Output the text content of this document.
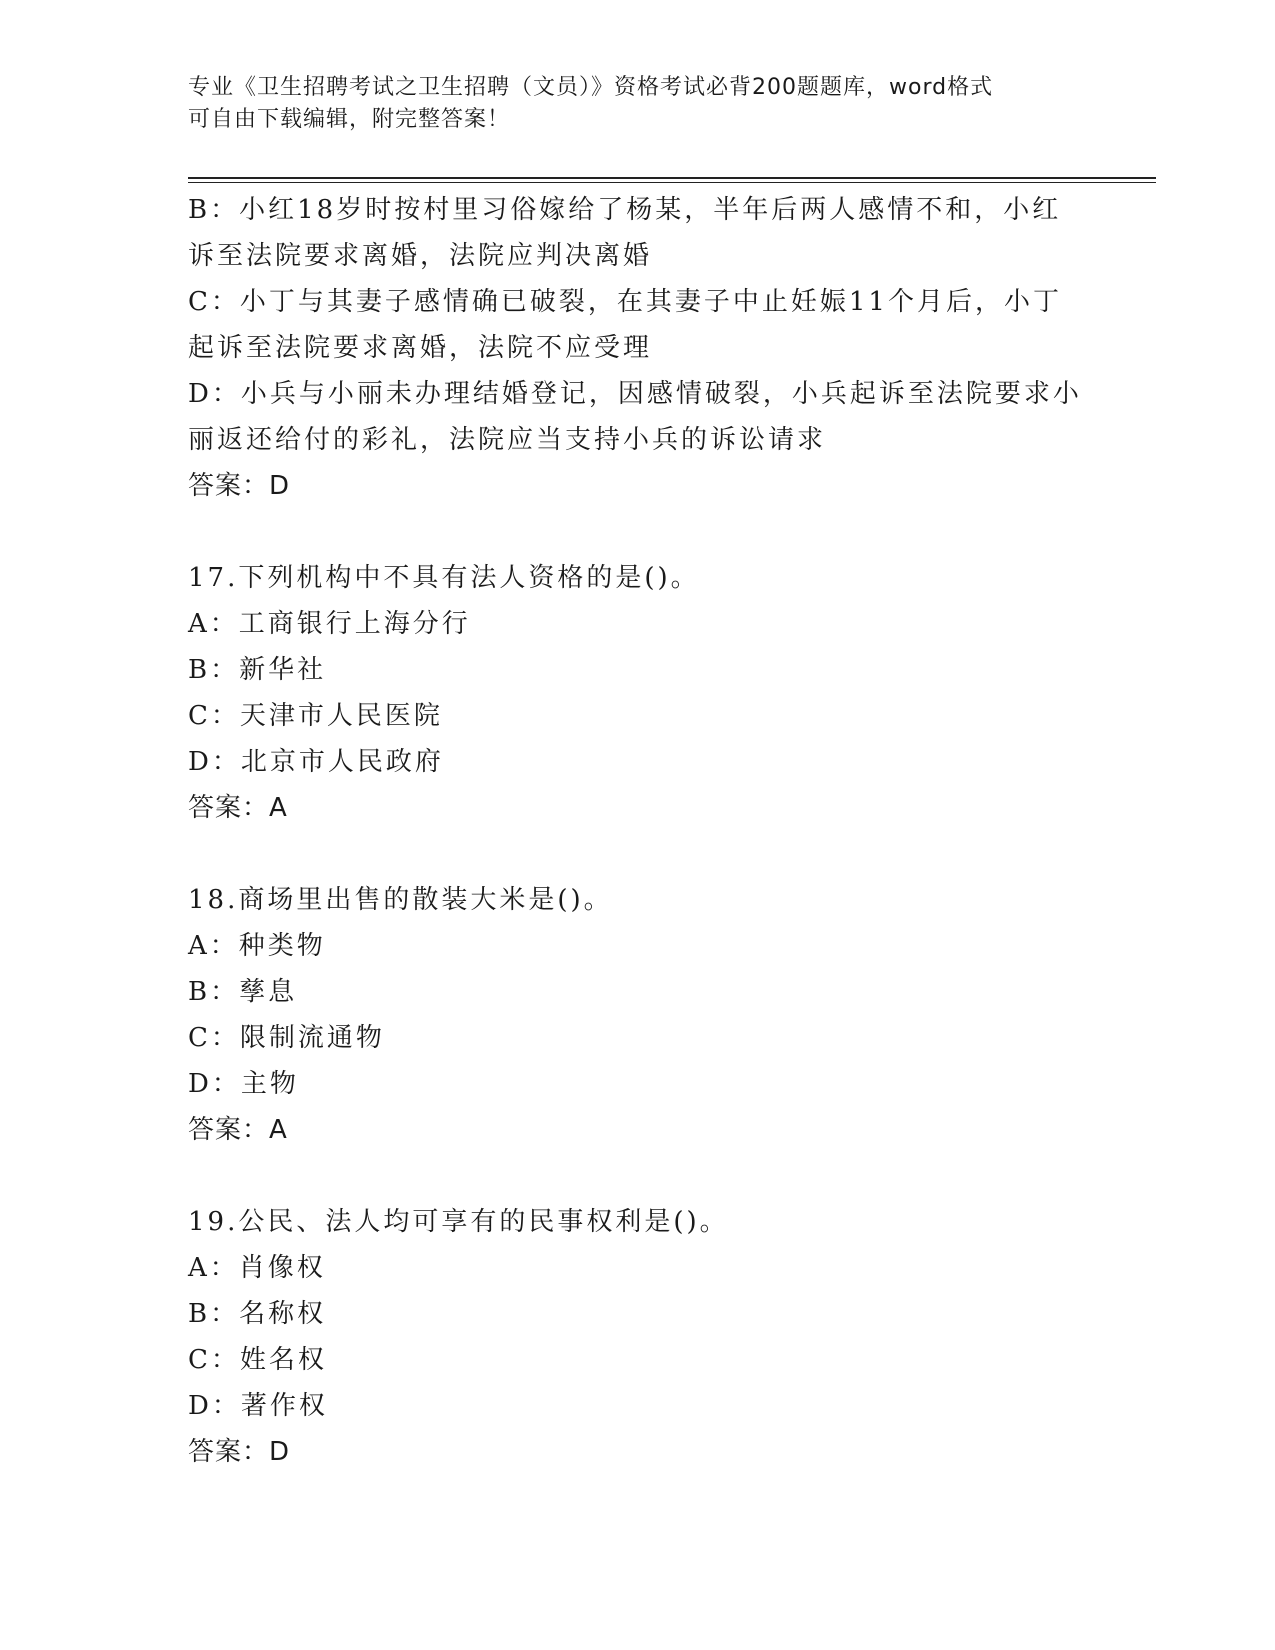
专业《卫生招聘考试之卫生招聘（文员）》资格考试必背200题题库，word格式
可自由下载编辑，附完整答案！
B：小红18岁时按村里习俗嫁给了杨某，半年后两人感情不和，小红
诉至法院要求离婚，法院应判决离婚
C：小丁与其妻子感情确已破裂，在其妻子中止妊娠11个月后，小丁
起诉至法院要求离婚，法院不应受理
D：小兵与小丽未办理结婚登记，因感情破裂，小兵起诉至法院要求小
丽返还给付的彩礼，法院应当支持小兵的诉讼请求
答案：D
17.下列机构中不具有法人资格的是()。
A：工商银行上海分行
B：新华社
C：天津市人民医院
D：北京市人民政府
答案：A
18.商场里出售的散装大米是()。
A：种类物
B：孳息
C：限制流通物
D：主物
答案：A
19.公民、法人均可享有的民事权利是()。
A：肖像权
B：名称权
C：姓名权
D：著作权
答案：D
